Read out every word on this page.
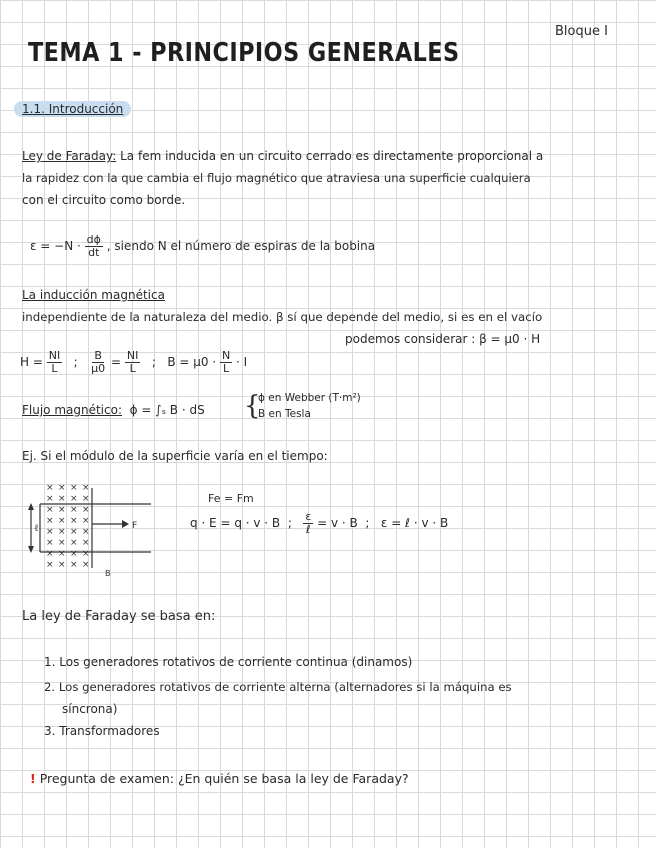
Bloque I
TEMA 1 - PRINCIPIOS GENERALES
1.1. Introducción
Ley de Faraday: La fem inducida en un circuito cerrado es directamente proporcional a
la rapidez con la que cambia el flujo magnético que atraviesa una superficie cualquiera
con el circuito como borde.
$\varepsilon = -N \cdot \frac{d\phi}{dt}$ , siendo N el número de espiras de la bobina
La inducción magnética
independiente de la naturaleza del medio. β sí que depende del medio, si es en el vacío
podemos considerar : β = μ0 · H
$H = \frac{NI}{L}$ ; $\frac{B}{\mu 0} = \frac{NI}{L}$ ; $B = \mu 0 \cdot \frac{N}{L} \cdot I$
Flujo magnético: ϕ = ∫ₛ B · dS {
ϕ en Webber (T·m²)
B en Tesla
Ej. Si el módulo de la superficie varía en el tiempo:
× × × ×
× × × ×
× × × ×
× × × ×
× × × ×
× × × ×
× × × ×
× × × ×
ℓ	F
B
Fe = Fm
q · E = q · v · B ; $\frac{\varepsilon}{\text{ℓ}} = v \cdot B$ ; ε = ℓ · v · B
La ley de Faraday se basa en:
1. Los generadores rotativos de corriente continua (dinamos)
2. Los generadores rotativos de corriente alterna (alternadores si la máquina es
síncrona)
3. Transformadores
! Pregunta de examen: ¿En quién se basa la ley de Faraday?
